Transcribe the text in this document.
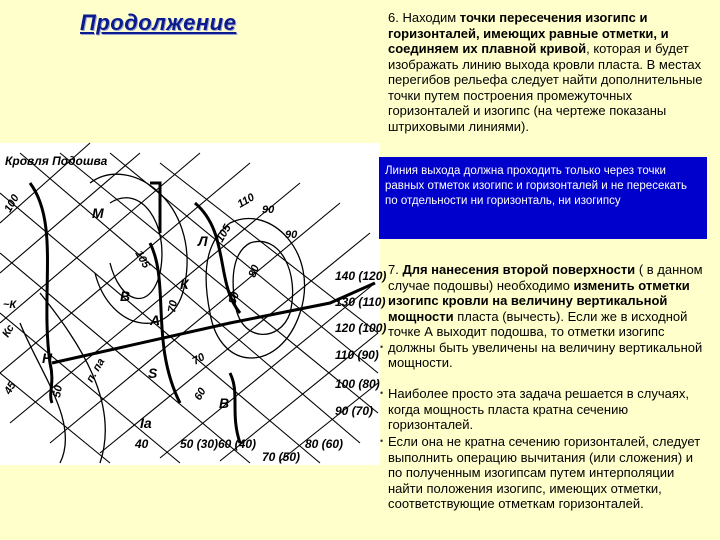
Продолжение
Кровля Подошва
140 (120)
130 (110)
120 (100)
110 (90)
100 (80)
90 (70)
40	50 (30) 60 (40)
70 (50)
80 (60)
М
В
А
S
К
Л
Iа
Н
В
100
90
110
105
90
80
70
60
50
45
80
105
70
~К
Кс
п. па
6. Находим точки пересечения изогипс и горизонталей, имеющих равные отметки, и соединяем их плавной кривой, которая и будет изображать линию выхода кровли пласта. В местах перегибов рельефа следует найти дополнительные точки путем построения промежуточных горизонталей и изогипс (на чертеже показаны штриховыми линиями).
Линия выхода должна проходить только через точки равных отметок изогипс и горизонталей и не пересекать по отдельности ни горизонталь, ни изогипсу
7. Для нанесения второй поверхности ( в данном случае подошвы) необходимо изменить отметки изогипс кровли на величину вертикальной мощности пласта (вычесть). Если же в исходной точке А выходит подошва, то отметки изогипс должны быть увеличены на величину вертикальной мощности.
Наиболее просто эта задача решается в случаях, когда мощность пласта кратна сечению горизонталей.
Если она не кратна сечению горизонталей, следует выполнить операцию вычитания (или сложения) и по полученным изогипсам путем интерполяции найти положения изогипс, имеющих отметки, соответствующие отметкам горизонталей.
•
•
•
